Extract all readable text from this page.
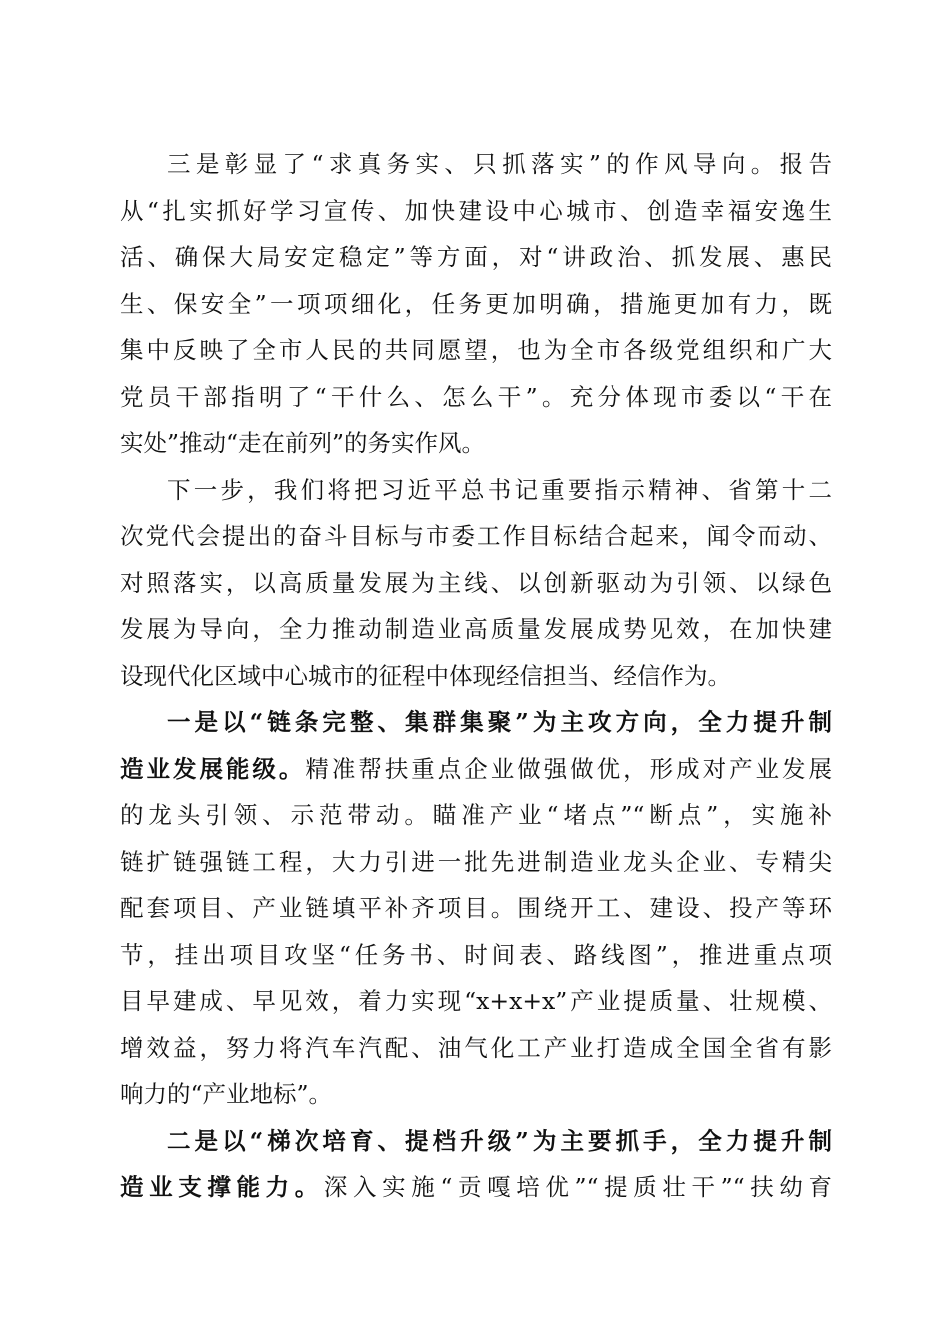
三是彰显了“求真务实、只抓落实”的作风导向。报告
从“扎实抓好学习宣传、加快建设中心城市、创造幸福安逸生
活、确保大局安定稳定”等方面，对“讲政治、抓发展、惠民
生、保安全”一项项细化，任务更加明确，措施更加有力，既
集中反映了全市人民的共同愿望，也为全市各级党组织和广大
党员干部指明了“干什么、怎么干”。充分体现市委以“干在
实处”推动“走在前列”的务实作风。
下一步，我们将把习近平总书记重要指示精神、省第十二
次党代会提出的奋斗目标与市委工作目标结合起来，闻令而动、
对照落实，以高质量发展为主线、以创新驱动为引领、以绿色
发展为导向，全力推动制造业高质量发展成势见效，在加快建
设现代化区域中心城市的征程中体现经信担当、经信作为。
一是以“链条完整、集群集聚”为主攻方向，全力提升制
造业发展能级。精准帮扶重点企业做强做优，形成对产业发展
的龙头引领、示范带动。瞄准产业“堵点”“断点”，实施补
链扩链强链工程，大力引进一批先进制造业龙头企业、专精尖
配套项目、产业链填平补齐项目。围绕开工、建设、投产等环
节，挂出项目攻坚“任务书、时间表、路线图”，推进重点项
目早建成、早见效，着力实现“x+x+x”产业提质量、壮规模、
增效益，努力将汽车汽配、油气化工产业打造成全国全省有影
响力的“产业地标”。
二是以“梯次培育、提档升级”为主要抓手，全力提升制
造业支撑能力。深入实施“贡嘎培优”“提质壮干”“扶幼育
